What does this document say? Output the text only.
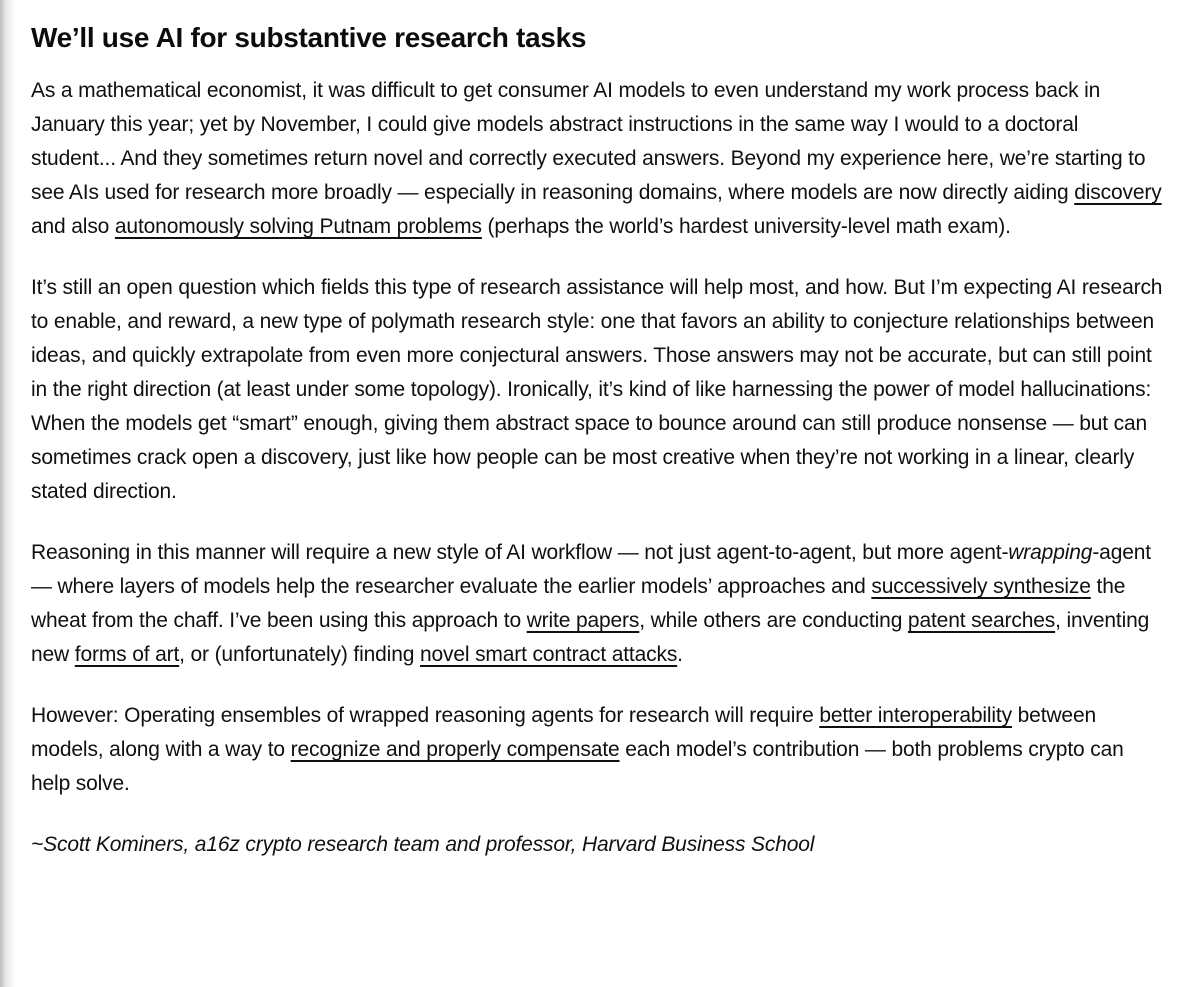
We’ll use AI for substantive research tasks

As a mathematical economist, it was difficult to get consumer AI models to even understand my work process back in January this year; yet by November, I could give models abstract instructions in the same way I would to a doctoral student... And they sometimes return novel and correctly executed answers. Beyond my experience here, we’re starting to see AIs used for research more broadly — especially in reasoning domains, where models are now directly aiding discovery and also autonomously solving Putnam problems (perhaps the world’s hardest university-level math exam).

It’s still an open question which fields this type of research assistance will help most, and how. But I’m expecting AI research to enable, and reward, a new type of polymath research style: one that favors an ability to conjecture relationships between ideas, and quickly extrapolate from even more conjectural answers. Those answers may not be accurate, but can still point in the right direction (at least under some topology). Ironically, it’s kind of like harnessing the power of model hallucinations: When the models get “smart” enough, giving them abstract space to bounce around can still produce nonsense — but can sometimes crack open a discovery, just like how people can be most creative when they’re not working in a linear, clearly stated direction.

Reasoning in this manner will require a new style of AI workflow — not just agent-to-agent, but more agent-wrapping-agent — where layers of models help the researcher evaluate the earlier models’ approaches and successively synthesize the wheat from the chaff. I’ve been using this approach to write papers, while others are conducting patent searches, inventing new forms of art, or (unfortunately) finding novel smart contract attacks.

However: Operating ensembles of wrapped reasoning agents for research will require better interoperability between models, along with a way to recognize and properly compensate each model’s contribution — both problems crypto can help solve.

~Scott Kominers, a16z crypto research team and professor, Harvard Business School
